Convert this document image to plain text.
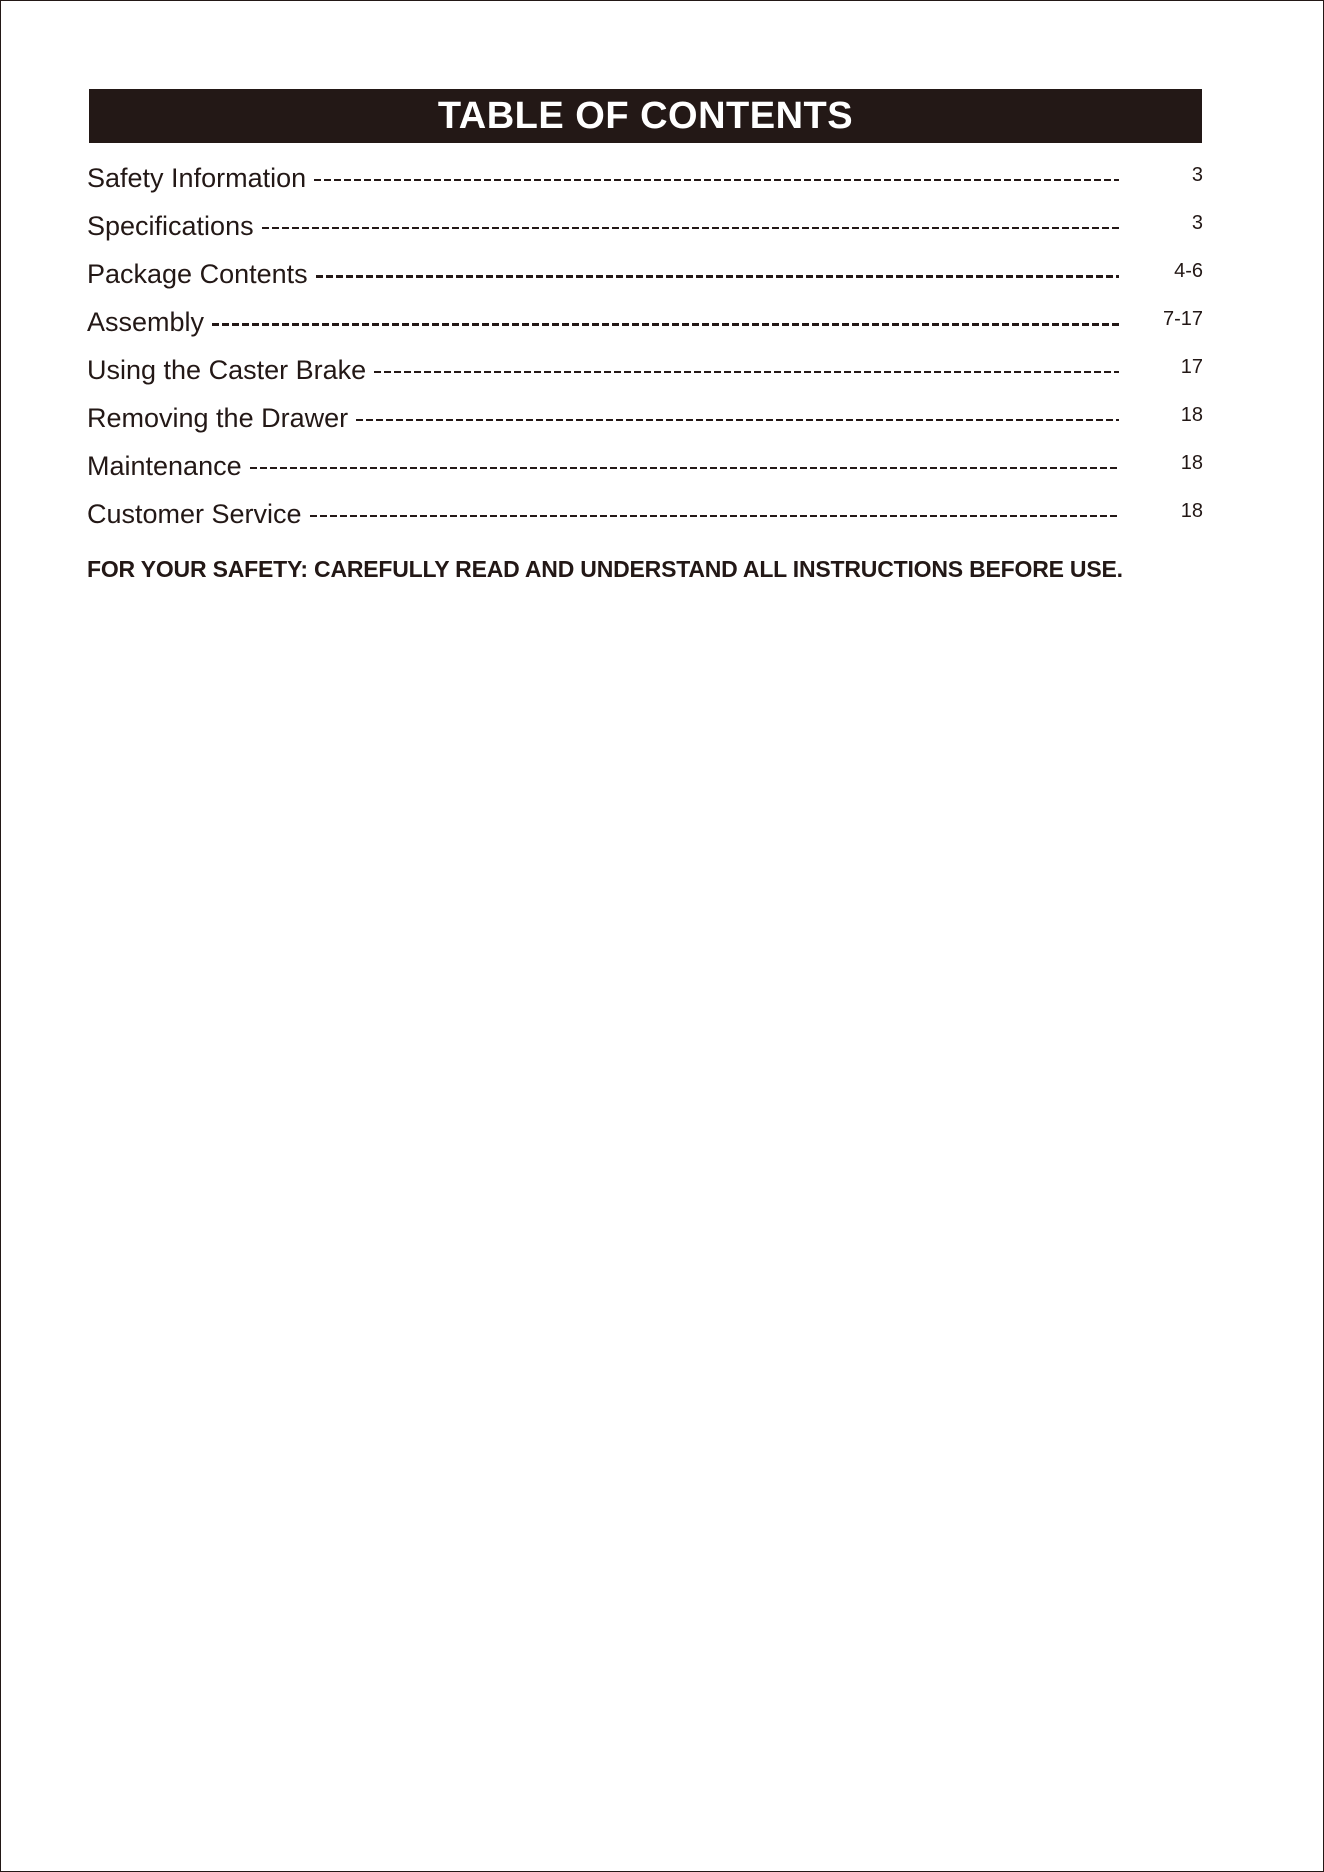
TABLE OF CONTENTS
Safety Information	3
Specifications	3
Package Contents	4-6
Assembly	7-17
Using the Caster Brake	17
Removing the Drawer	18
Maintenance	18
Customer Service	18
FOR YOUR SAFETY: CAREFULLY READ AND UNDERSTAND ALL INSTRUCTIONS BEFORE USE.
